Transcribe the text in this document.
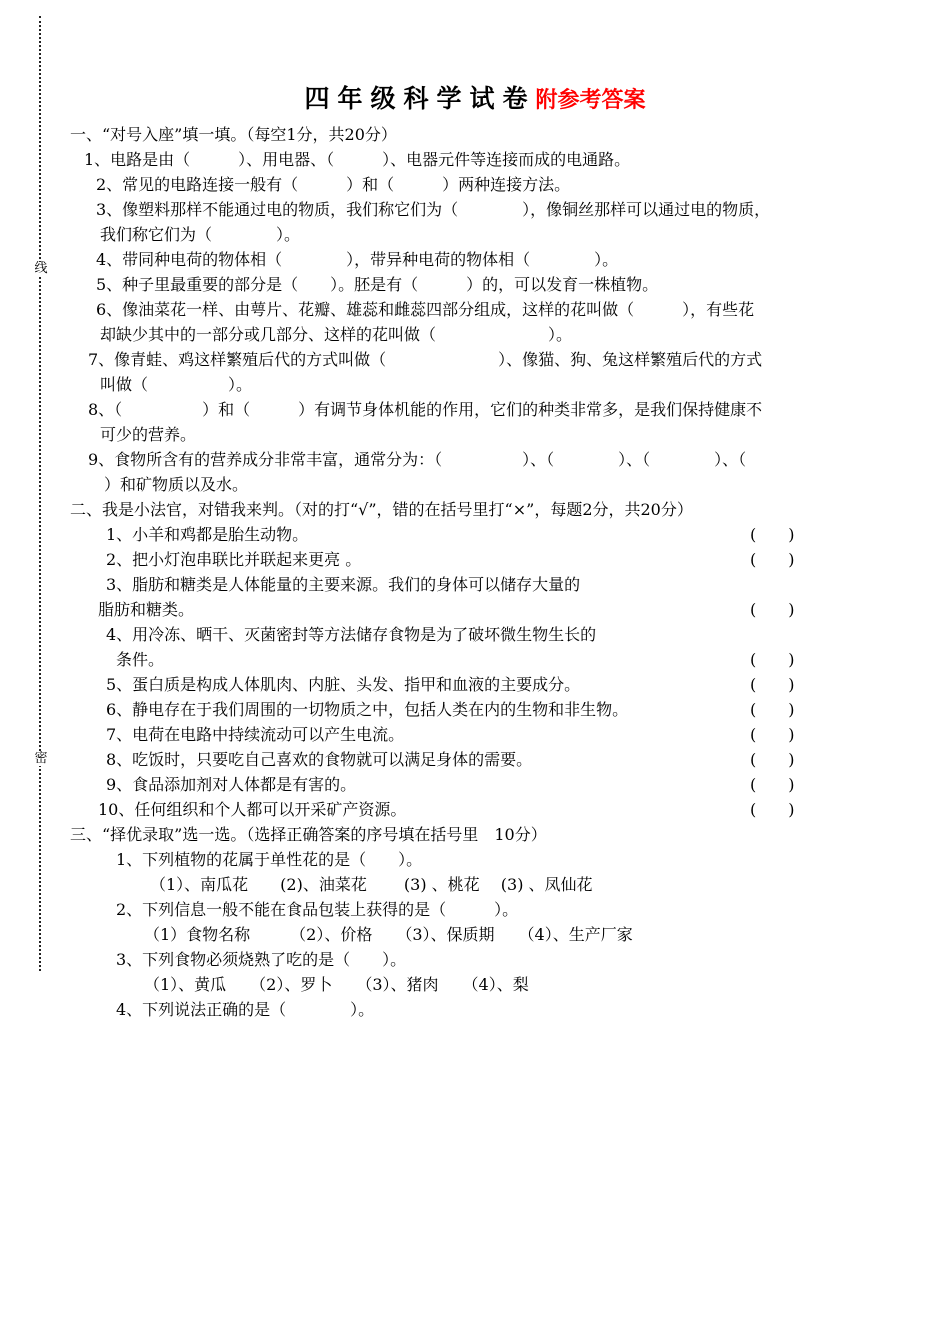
线
密
四年级科学试卷附参考答案
一、“对号入座”填一填。（每空1分，共20分）
1、电路是由（　　　）、用电器、（　　　）、电器元件等连接而成的电通路。
2、常见的电路连接一般有（　　　）和（　　　）两种连接方法。
3、像塑料那样不能通过电的物质，我们称它们为（　　　　），像铜丝那样可以通过电的物质，
我们称它们为（　　　　）。
4、带同种电荷的物体相（　　　　），带异种电荷的物体相（　　　　）。
5、种子里最重要的部分是（　　）。胚是有（　　　）的，可以发育一株植物。
6、像油菜花一样、由萼片、花瓣、雄蕊和雌蕊四部分组成，这样的花叫做（　　　），有些花
却缺少其中的一部分或几部分、这样的花叫做（　　　　　　　）。
7、像青蛙、鸡这样繁殖后代的方式叫做（　　　　　　　）、像猫、狗、兔这样繁殖后代的方式
叫做（　　　　　）。
8、（　　　　　）和（　　　）有调节身体机能的作用，它们的种类非常多，是我们保持健康不
可少的营养。
9、食物所含有的营养成分非常丰富，通常分为：（　　　　　）、（　　　　）、（　　　　）、（
）和矿物质以及水。
二、我是小法官，对错我来判。（对的打“√”，错的在括号里打“×”，每题2分，共20分）
1、小羊和鸡都是胎生动物。	(　　)
2、把小灯泡串联比并联起来更亮 。	(　　)
3、脂肪和糖类是人体能量的主要来源。我们的身体可以储存大量的
脂肪和糖类。	(　　)
4、用冷冻、晒干、灭菌密封等方法储存食物是为了破坏微生物生长的
条件。	(　　)
5、蛋白质是构成人体肌肉、内脏、头发、指甲和血液的主要成分。	(　　)
6、静电存在于我们周围的一切物质之中，包括人类在内的生物和非生物。	(　　)
7、电荷在电路中持续流动可以产生电流。	(　　)
8、吃饭时，只要吃自己喜欢的食物就可以满足身体的需要。	(　　)
9、食品添加剂对人体都是有害的。	(　　)
10、任何组织和个人都可以开采矿产资源。	(　　)
三、“择优录取”选一选。（选择正确答案的序号填在括号里　10分）
1、下列植物的花属于单性花的是（　　）。
（1）、南瓜花　　(2)、油菜花　　 (3) 、桃花　 (3) 、凤仙花
2、下列信息一般不能在食品包装上获得的是（　　　）。
（1）食物名称　　　（2）、价格　　（3）、保质期　　（4）、生产厂家
3、下列食物必须烧熟了吃的是（　　）。
（1）、黄瓜　　（2）、罗卜　　（3）、猪肉　　（4）、梨
4、下列说法正确的是（　　　　）。
